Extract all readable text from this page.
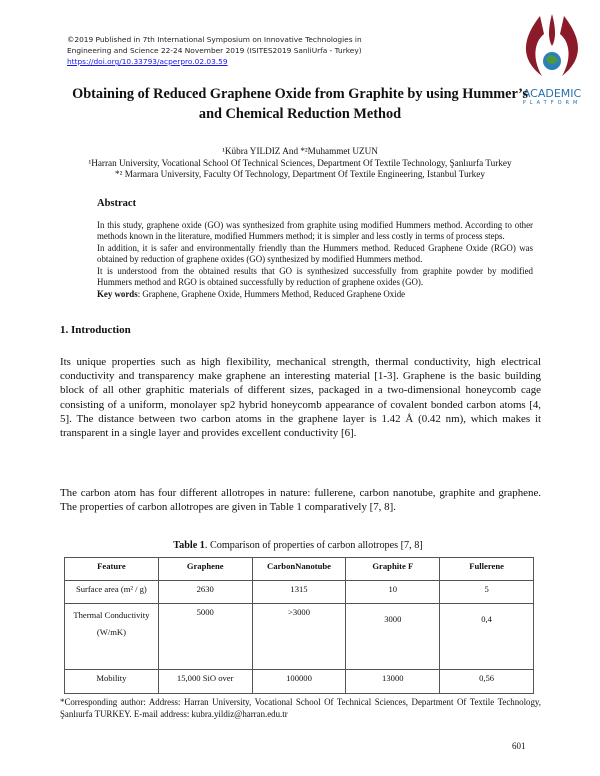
©2019 Published in 7th International Symposium on Innovative Technologies in
Engineering and Science 22-24 November 2019 (ISITES2019 SanliUrfa - Turkey)
https://doi.org/10.33793/acperpro.02.03.59
ACADEMIC
PLATFORM
Obtaining of Reduced Graphene Oxide from Graphite by using Hummer’s and Chemical Reduction Method
¹Kübra YILDIZ And *²Muhammet UZUN
¹Harran University, Vocational School Of Technical Sciences, Department Of Textile Technology, Şanlıurfa Turkey
*² Marmara University, Faculty Of Technology, Department Of Textile Engineering, Istanbul Turkey
Abstract

In this study, graphene oxide (GO) was synthesized from graphite using modified Hummers method. According to other methods known in the literature, modified Hummers method; it is simpler and less costly in terms of process steps.

In addition, it is safer and environmentally friendly than the Hummers method. Reduced Graphene Oxide (RGO) was obtained by reduction of graphene oxides (GO) synthesized by modified Hummers method.

It is understood from the obtained results that GO is synthesized successfully from graphite powder by modified Hummers method and RGO is obtained successfully by reduction of graphene oxides (GO).

Key words: Graphene, Graphene Oxide, Hummers Method, Reduced Graphene Oxide
1. Introduction
Its unique properties such as high flexibility, mechanical strength, thermal conductivity, high electrical conductivity and transparency make graphene an interesting material [1-3]. Graphene is the basic building block of all other graphitic materials of different sizes, packaged in a two-dimensional honeycomb cage consisting of a uniform, monolayer sp2 hybrid honeycomb appearance of covalent bonded carbon atoms [4, 5]. The distance between two carbon atoms in the graphene layer is 1.42 Å (0.42 nm), which makes it transparent in a single layer and provides excellent conductivity [6].
The carbon atom has four different allotropes in nature: fullerene, carbon nanotube, graphite and graphene. The properties of carbon allotropes are given in Table 1 comparatively [7, 8].
Table 1. Comparison of properties of carbon allotropes [7, 8]
Feature	Graphene	CarbonNanotube	Graphite F	Fullerene
Surface area (m² / g)	2630	1315	10	5
Thermal Conductivity (W/mK)	5000	>3000	3000	0,4
Mobility	15,000 SiO over	100000	13000	0,56
*Corresponding author: Address: Harran University, Vocational School Of Technical Sciences, Department Of Textile Technology, Şanlıurfa TURKEY. E-mail address: kubra.yildiz@harran.edu.tr
601
